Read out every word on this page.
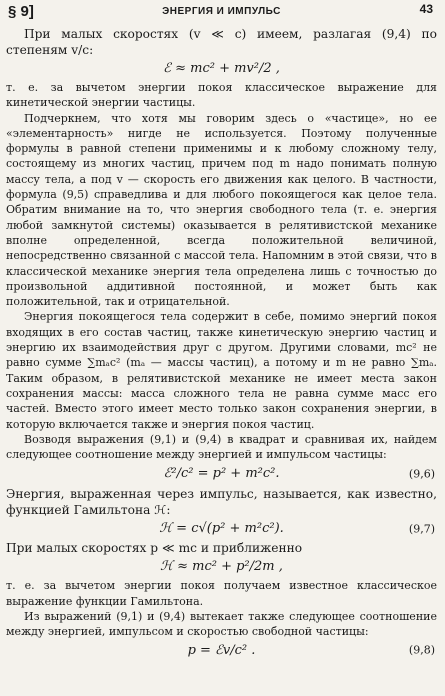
§ 9]	ЭНЕРГИЯ И ИМПУЛЬС	43

При малых скоростях (v ≪ c) имеем, разлагая (9,4) по степеням v/c:

ℰ ≈ mc² + mv²/2 ,

т. е. за вычетом энергии покоя классическое выражение для кинетической энергии частицы.

Подчеркнем, что хотя мы говорим здесь о «частице», но ее «элементарность» нигде не используется. Поэтому полученные формулы в равной степени применимы и к любому сложному телу, состоящему из многих частиц, причем под m надо понимать полную массу тела, а под v — скорость его движения как целого. В частности, формула (9,5) справедлива и для любого покоящегося как целое тела. Обратим внимание на то, что энергия свободного тела (т. е. энергия любой замкнутой системы) оказывается в релятивистской механике вполне определенной, всегда положительной величиной, непосредственно связанной с массой тела. Напомним в этой связи, что в классической механике энергия тела определена лишь с точностью до произвольной аддитивной постоянной, и может быть как положительной, так и отрицательной.

Энергия покоящегося тела содержит в себе, помимо энергий покоя входящих в его состав частиц, также кинетическую энергию частиц и энергию их взаимодействия друг с другом. Другими словами, mc² не равно сумме ∑mₐc² (mₐ — массы частиц), а потому и m не равно ∑mₐ. Таким образом, в релятивистской механике не имеет места закон сохранения массы: масса сложного тела не равна сумме масс его частей. Вместо этого имеет место только закон сохранения энергии, в которую включается также и энергия покоя частиц.

Возводя выражения (9,1) и (9,4) в квадрат и сравнивая их, найдем следующее соотношение между энергией и импульсом частицы:

ℰ²/c² = p² + m²c².	(9,6)

Энергия, выраженная через импульс, называется, как известно, функцией Гамильтона ℋ:

ℋ = c√(p² + m²c²).	(9,7)

При малых скоростях p ≪ mc и приближенно

ℋ ≈ mc² + p²/2m ,

т. е. за вычетом энергии покоя получаем известное классическое выражение функции Гамильтона.

Из выражений (9,1) и (9,4) вытекает также следующее соотношение между энергией, импульсом и скоростью свободной частицы:

p = ℰv/c² .	(9,8)
